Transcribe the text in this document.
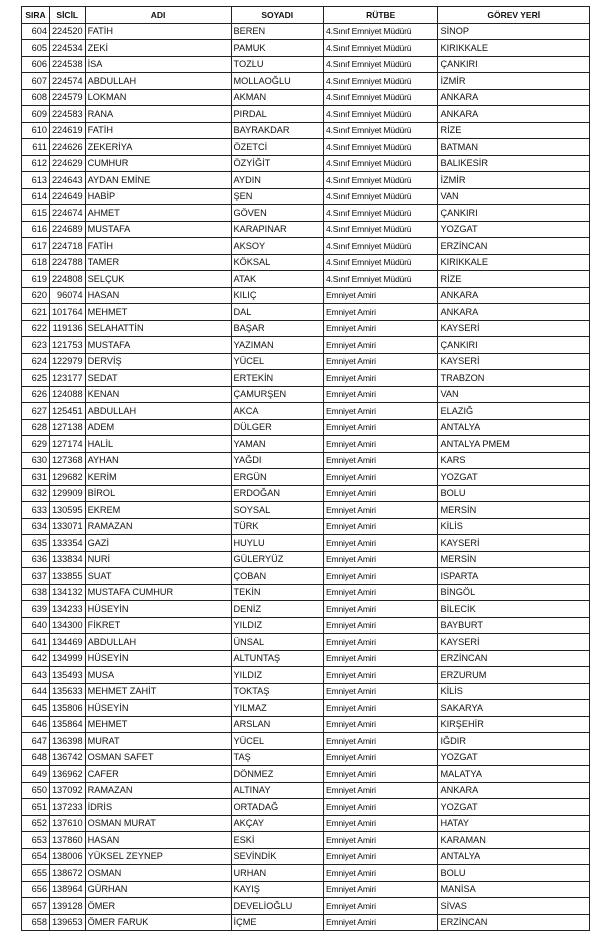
SIRA	SİCİL	ADI	SOYADI	RÜTBE	GÖREV YERİ
604	224520	FATİH	BEREN	4.Sınıf Emniyet Müdürü	SİNOP
605	224534	ZEKİ	PAMUK	4.Sınıf Emniyet Müdürü	KIRIKKALE
606	224538	İSA	TOZLU	4.Sınıf Emniyet Müdürü	ÇANKIRI
607	224574	ABDULLAH	MOLLAOĞLU	4.Sınıf Emniyet Müdürü	İZMİR
608	224579	LOKMAN	AKMAN	4.Sınıf Emniyet Müdürü	ANKARA
609	224583	RANA	PIRDAL	4.Sınıf Emniyet Müdürü	ANKARA
610	224619	FATİH	BAYRAKDAR	4.Sınıf Emniyet Müdürü	RİZE
611	224626	ZEKERİYA	ÖZETCİ	4.Sınıf Emniyet Müdürü	BATMAN
612	224629	CUMHUR	ÖZYİĞİT	4.Sınıf Emniyet Müdürü	BALIKESİR
613	224643	AYDAN EMİNE	AYDIN	4.Sınıf Emniyet Müdürü	İZMİR
614	224649	HABİP	ŞEN	4.Sınıf Emniyet Müdürü	VAN
615	224674	AHMET	GÖVEN	4.Sınıf Emniyet Müdürü	ÇANKIRI
616	224689	MUSTAFA	KARAPINAR	4.Sınıf Emniyet Müdürü	YOZGAT
617	224718	FATİH	AKSOY	4.Sınıf Emniyet Müdürü	ERZİNCAN
618	224788	TAMER	KÖKSAL	4.Sınıf Emniyet Müdürü	KIRIKKALE
619	224808	SELÇUK	ATAK	4.Sınıf Emniyet Müdürü	RİZE
620	96074	HASAN	KILIÇ	Emniyet Amiri	ANKARA
621	101764	MEHMET	DAL	Emniyet Amiri	ANKARA
622	119136	SELAHATTİN	BAŞAR	Emniyet Amiri	KAYSERİ
623	121753	MUSTAFA	YAZIMAN	Emniyet Amiri	ÇANKIRI
624	122979	DERVİŞ	YÜCEL	Emniyet Amiri	KAYSERİ
625	123177	SEDAT	ERTEKİN	Emniyet Amiri	TRABZON
626	124088	KENAN	ÇAMURŞEN	Emniyet Amiri	VAN
627	125451	ABDULLAH	AKCA	Emniyet Amiri	ELAZIĞ
628	127138	ADEM	DÜLGER	Emniyet Amiri	ANTALYA
629	127174	HALİL	YAMAN	Emniyet Amiri	ANTALYA PMEM
630	127368	AYHAN	YAĞDI	Emniyet Amiri	KARS
631	129682	KERİM	ERGÜN	Emniyet Amiri	YOZGAT
632	129909	BİROL	ERDOĞAN	Emniyet Amiri	BOLU
633	130595	EKREM	SOYSAL	Emniyet Amiri	MERSİN
634	133071	RAMAZAN	TÜRK	Emniyet Amiri	KİLİS
635	133354	GAZİ	HUYLU	Emniyet Amiri	KAYSERİ
636	133834	NURİ	GÜLERYÜZ	Emniyet Amiri	MERSİN
637	133855	SUAT	ÇOBAN	Emniyet Amiri	ISPARTA
638	134132	MUSTAFA CUMHUR	TEKİN	Emniyet Amiri	BİNGÖL
639	134233	HÜSEYİN	DENİZ	Emniyet Amiri	BİLECİK
640	134300	FİKRET	YILDIZ	Emniyet Amiri	BAYBURT
641	134469	ABDULLAH	ÜNSAL	Emniyet Amiri	KAYSERİ
642	134999	HÜSEYİN	ALTUNTAŞ	Emniyet Amiri	ERZİNCAN
643	135493	MUSA	YILDIZ	Emniyet Amiri	ERZURUM
644	135633	MEHMET ZAHİT	TOKTAŞ	Emniyet Amiri	KİLİS
645	135806	HÜSEYİN	YILMAZ	Emniyet Amiri	SAKARYA
646	135864	MEHMET	ARSLAN	Emniyet Amiri	KIRŞEHİR
647	136398	MURAT	YÜCEL	Emniyet Amiri	IĞDIR
648	136742	OSMAN SAFET	TAŞ	Emniyet Amiri	YOZGAT
649	136962	CAFER	DÖNMEZ	Emniyet Amiri	MALATYA
650	137092	RAMAZAN	ALTINAY	Emniyet Amiri	ANKARA
651	137233	İDRİS	ORTADAĞ	Emniyet Amiri	YOZGAT
652	137610	OSMAN MURAT	AKÇAY	Emniyet Amiri	HATAY
653	137860	HASAN	ESKİ	Emniyet Amiri	KARAMAN
654	138006	YÜKSEL ZEYNEP	SEVİNDİK	Emniyet Amiri	ANTALYA
655	138672	OSMAN	URHAN	Emniyet Amiri	BOLU
656	138964	GÜRHAN	KAYIŞ	Emniyet Amiri	MANİSA
657	139128	ÖMER	DEVELİOĞLU	Emniyet Amiri	SİVAS
658	139653	ÖMER FARUK	İÇME	Emniyet Amiri	ERZİNCAN
